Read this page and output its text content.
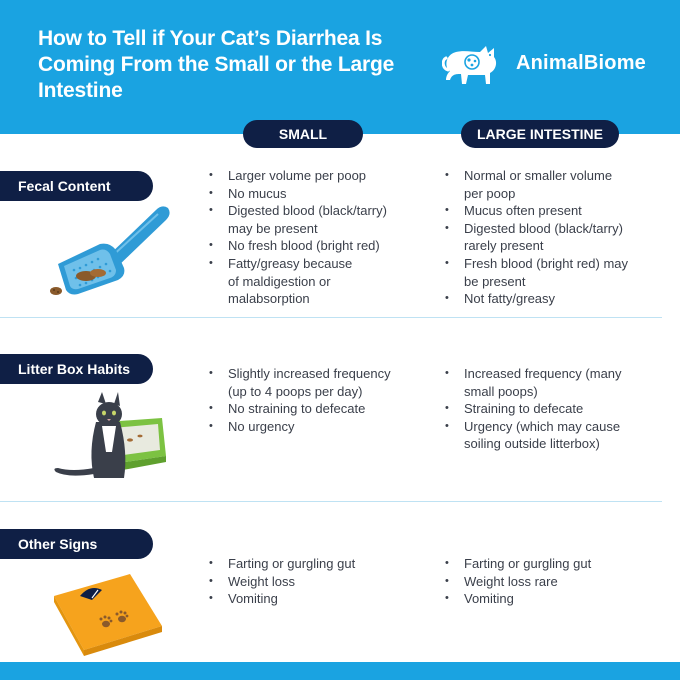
How to Tell if Your Cat’s Diarrhea Is Coming From the Small or the Large Intestine
AnimalBiome
SMALL INTESTINE
LARGE INTESTINE
Fecal Content
• Larger volume per poop
• No mucus
• Digested blood (black/tarry) may be present
• No fresh blood (bright red)
• Fatty/greasy because of maldigestion or malabsorption
• Normal or smaller volume per poop
• Mucus often present
• Digested blood (black/tarry) rarely present
• Fresh blood (bright red) may be present
• Not fatty/greasy
Litter Box Habits
•	Slightly increased frequency (up to 4 poops per day)
• No straining to defecate
• No urgency
• Increased frequency (many small poops)
• Straining to defecate
• Urgency (which may cause soiling outside litterbox)
Other Signs
• Farting or gurgling gut
• Weight loss
• Vomiting
• Farting or gurgling gut
• Weight loss rare
• Vomiting
